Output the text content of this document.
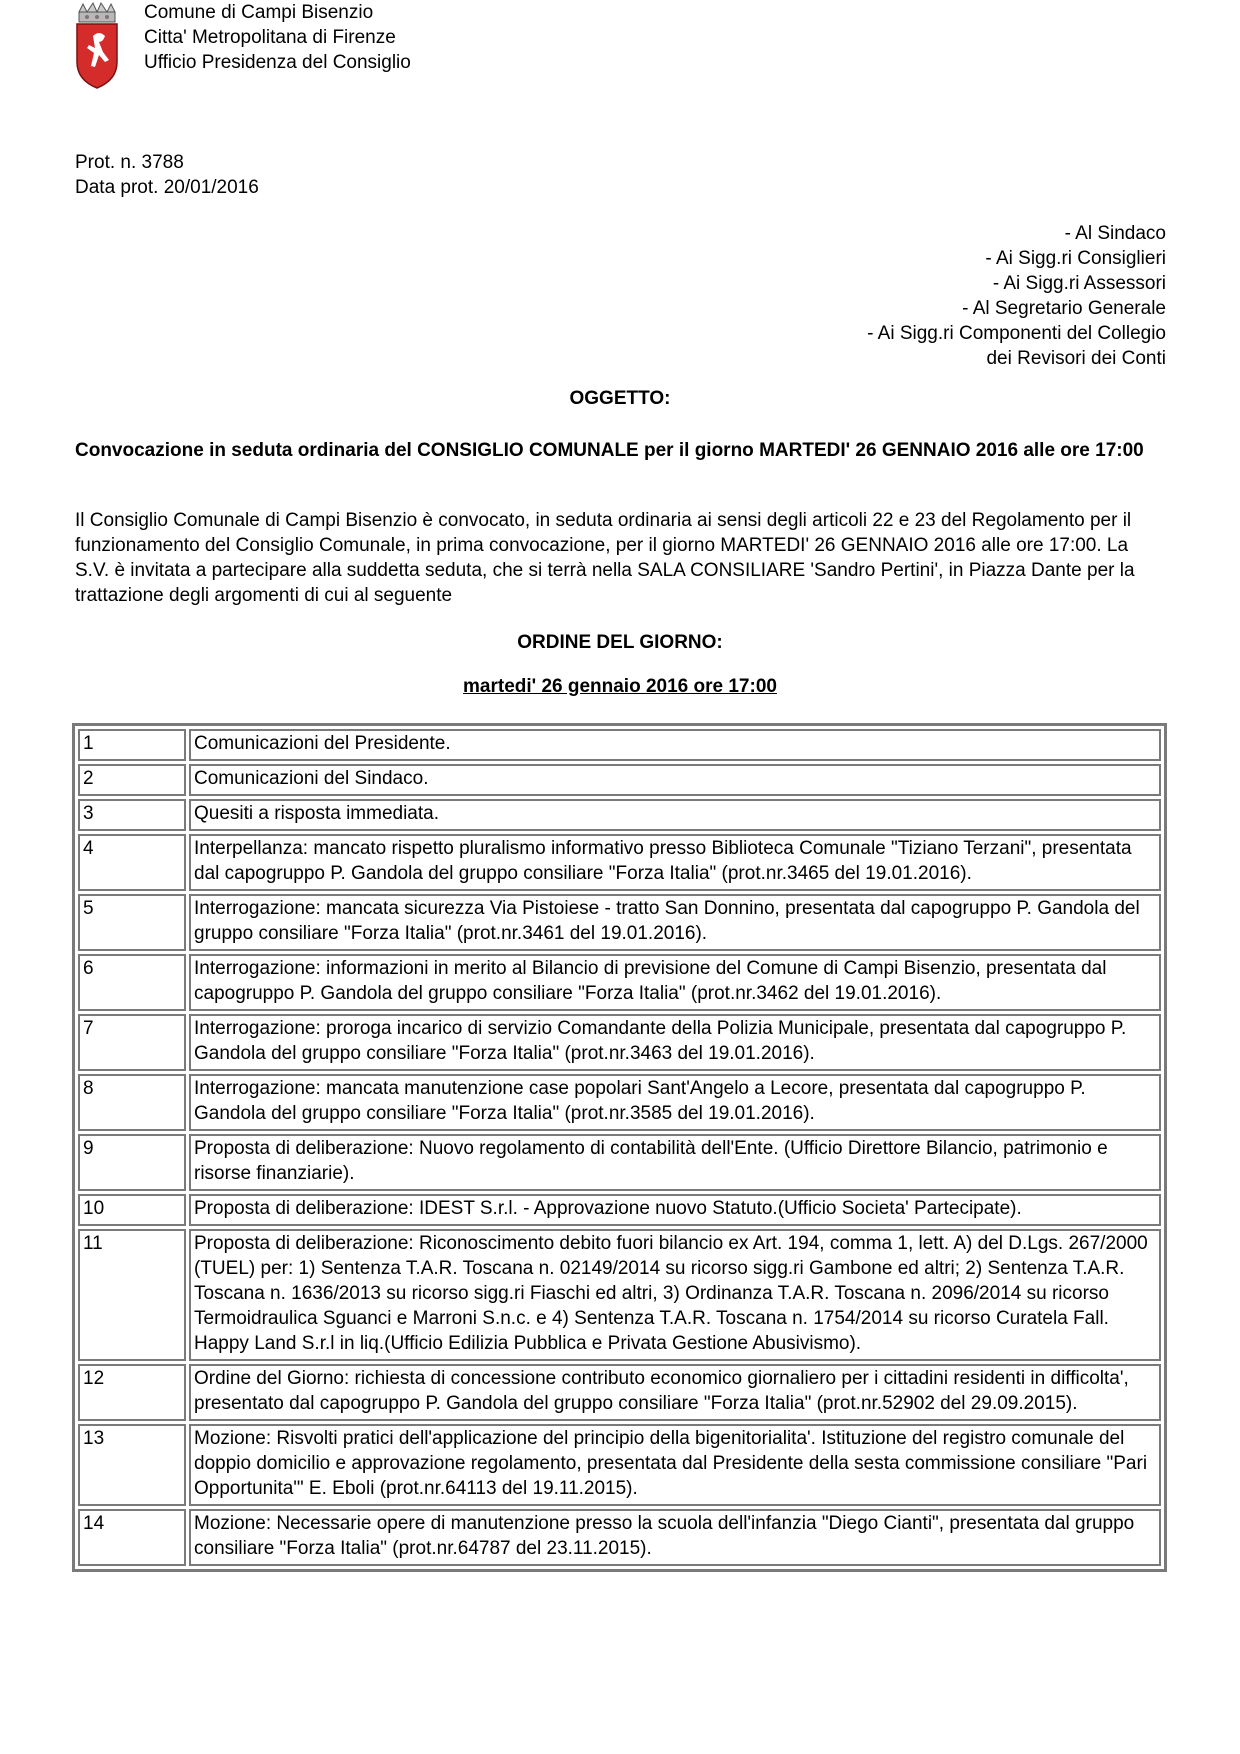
Comune di Campi Bisenzio
Citta' Metropolitana di Firenze
Ufficio Presidenza del Consiglio
Prot. n. 3788
Data prot. 20/01/2016
- Al Sindaco
- Ai Sigg.ri Consiglieri
- Ai Sigg.ri Assessori
- Al Segretario Generale
- Ai Sigg.ri Componenti del Collegio
dei Revisori dei Conti
OGGETTO:
Convocazione in seduta ordinaria del CONSIGLIO COMUNALE per il giorno MARTEDI' 26 GENNAIO 2016 alle ore 17:00
Il Consiglio Comunale di Campi Bisenzio è convocato, in seduta ordinaria ai sensi degli articoli 22 e 23 del Regolamento per il funzionamento del Consiglio Comunale, in prima convocazione, per il giorno MARTEDI' 26 GENNAIO 2016 alle ore 17:00. La S.V. è invitata a partecipare alla suddetta seduta, che si terrà nella SALA CONSILIARE 'Sandro Pertini', in Piazza Dante per la trattazione degli argomenti di cui al seguente
ORDINE DEL GIORNO:
martedi' 26 gennaio 2016 ore 17:00
1	Comunicazioni del Presidente.
2	Comunicazioni del Sindaco.
3	Quesiti a risposta immediata.
4	Interpellanza: mancato rispetto pluralismo informativo presso Biblioteca Comunale "Tiziano Terzani", presentata dal capogruppo P. Gandola del gruppo consiliare "Forza Italia" (prot.nr.3465 del 19.01.2016).
5	Interrogazione: mancata sicurezza Via Pistoiese - tratto San Donnino, presentata dal capogruppo P. Gandola del gruppo consiliare "Forza Italia" (prot.nr.3461 del 19.01.2016).
6	Interrogazione: informazioni in merito al Bilancio di previsione del Comune di Campi Bisenzio, presentata dal capogruppo P. Gandola del gruppo consiliare "Forza Italia" (prot.nr.3462 del 19.01.2016).
7	Interrogazione: proroga incarico di servizio Comandante della Polizia Municipale, presentata dal capogruppo P. Gandola del gruppo consiliare "Forza Italia" (prot.nr.3463 del 19.01.2016).
8	Interrogazione: mancata manutenzione case popolari Sant'Angelo a Lecore, presentata dal capogruppo P. Gandola del gruppo consiliare "Forza Italia" (prot.nr.3585 del 19.01.2016).
9	Proposta di deliberazione: Nuovo regolamento di contabilità dell'Ente. (Ufficio Direttore Bilancio, patrimonio e risorse finanziarie).
10	Proposta di deliberazione: IDEST S.r.l. - Approvazione nuovo Statuto.(Ufficio Societa' Partecipate).
11	Proposta di deliberazione: Riconoscimento debito fuori bilancio ex Art. 194, comma 1, lett. A) del D.Lgs. 267/2000 (TUEL) per: 1) Sentenza T.A.R. Toscana n. 02149/2014 su ricorso sigg.ri Gambone ed altri; 2) Sentenza T.A.R. Toscana n. 1636/2013 su ricorso sigg.ri Fiaschi ed altri, 3) Ordinanza T.A.R. Toscana n. 2096/2014 su ricorso Termoidraulica Sguanci e Marroni S.n.c. e 4) Sentenza T.A.R. Toscana n. 1754/2014 su ricorso Curatela Fall. Happy Land S.r.l in liq.(Ufficio Edilizia Pubblica e Privata Gestione Abusivismo).
12	Ordine del Giorno: richiesta di concessione contributo economico giornaliero per i cittadini residenti in difficolta', presentato dal capogruppo P. Gandola del gruppo consiliare "Forza Italia" (prot.nr.52902 del 29.09.2015).
13	Mozione: Risvolti pratici dell'applicazione del principio della bigenitorialita'. Istituzione del registro comunale del doppio domicilio e approvazione regolamento, presentata dal Presidente della sesta commissione consiliare "Pari Opportunita'" E. Eboli (prot.nr.64113 del 19.11.2015).
14	Mozione: Necessarie opere di manutenzione presso la scuola dell'infanzia "Diego Cianti", presentata dal gruppo consiliare "Forza Italia" (prot.nr.64787 del 23.11.2015).
